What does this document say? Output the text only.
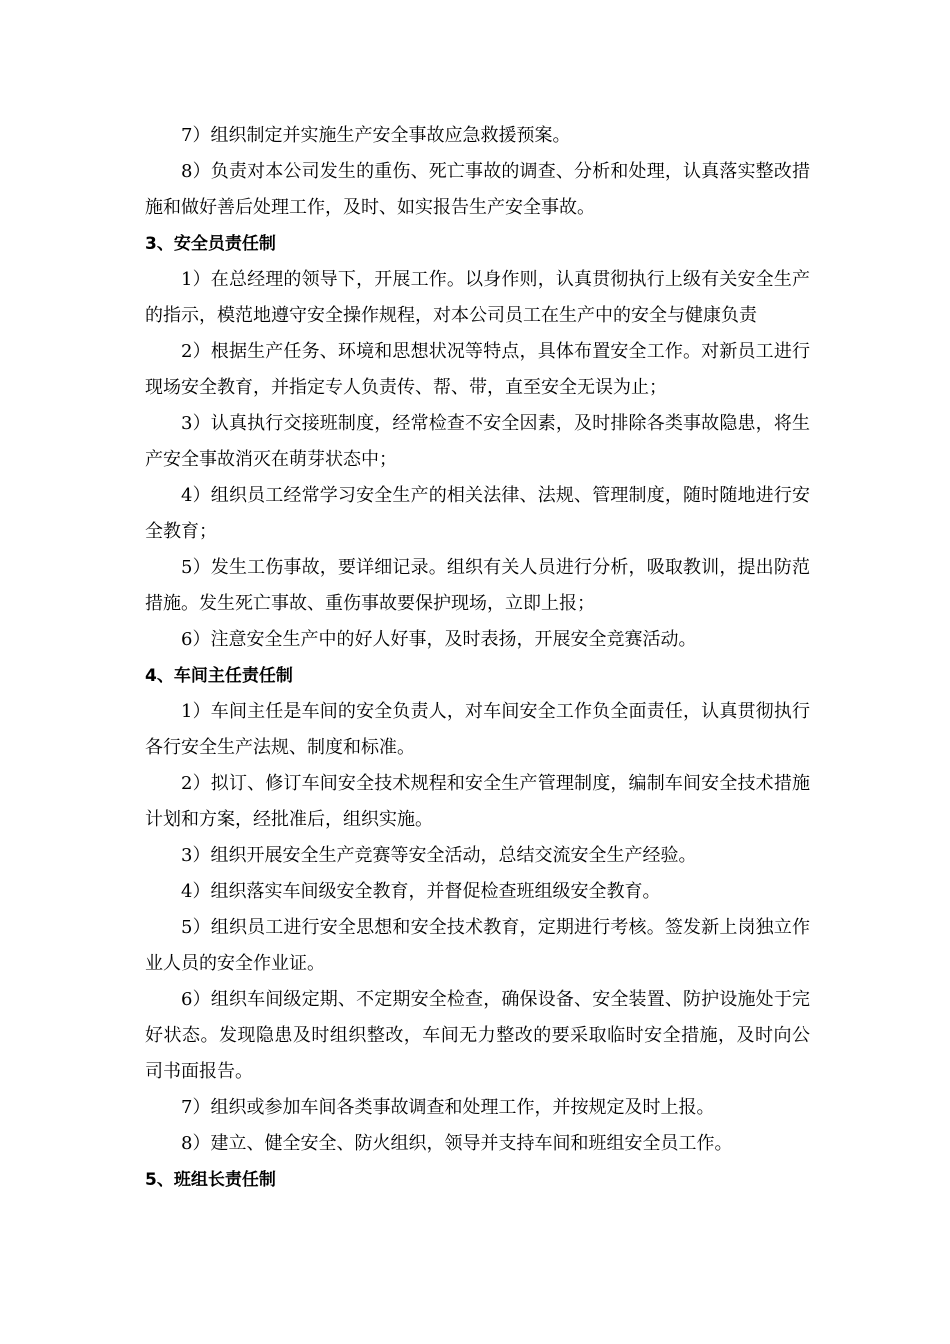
7）组织制定并实施生产安全事故应急救援预案。

8）负责对本公司发生的重伤、死亡事故的调查、分析和处理，认真落实整改措施和做好善后处理工作，及时、如实报告生产安全事故。

3、安全员责任制

1）在总经理的领导下，开展工作。以身作则，认真贯彻执行上级有关安全生产的指示，模范地遵守安全操作规程，对本公司员工在生产中的安全与健康负责

2）根据生产任务、环境和思想状况等特点，具体布置安全工作。对新员工进行现场安全教育，并指定专人负责传、帮、带，直至安全无误为止；

3）认真执行交接班制度，经常检查不安全因素，及时排除各类事故隐患，将生产安全事故消灭在萌芽状态中；

4）组织员工经常学习安全生产的相关法律、法规、管理制度，随时随地进行安全教育；

5）发生工伤事故，要详细记录。组织有关人员进行分析，吸取教训，提出防范措施。发生死亡事故、重伤事故要保护现场，立即上报；

6）注意安全生产中的好人好事，及时表扬，开展安全竞赛活动。

4、车间主任责任制

1）车间主任是车间的安全负责人，对车间安全工作负全面责任，认真贯彻执行各行安全生产法规、制度和标准。

2）拟订、修订车间安全技术规程和安全生产管理制度，编制车间安全技术措施计划和方案，经批准后，组织实施。

3）组织开展安全生产竞赛等安全活动，总结交流安全生产经验。

4）组织落实车间级安全教育，并督促检查班组级安全教育。

5）组织员工进行安全思想和安全技术教育，定期进行考核。签发新上岗独立作业人员的安全作业证。

6）组织车间级定期、不定期安全检查，确保设备、安全装置、防护设施处于完好状态。发现隐患及时组织整改，车间无力整改的要采取临时安全措施，及时向公司书面报告。

7）组织或参加车间各类事故调查和处理工作，并按规定及时上报。

8）建立、健全安全、防火组织，领导并支持车间和班组安全员工作。

5、班组长责任制
